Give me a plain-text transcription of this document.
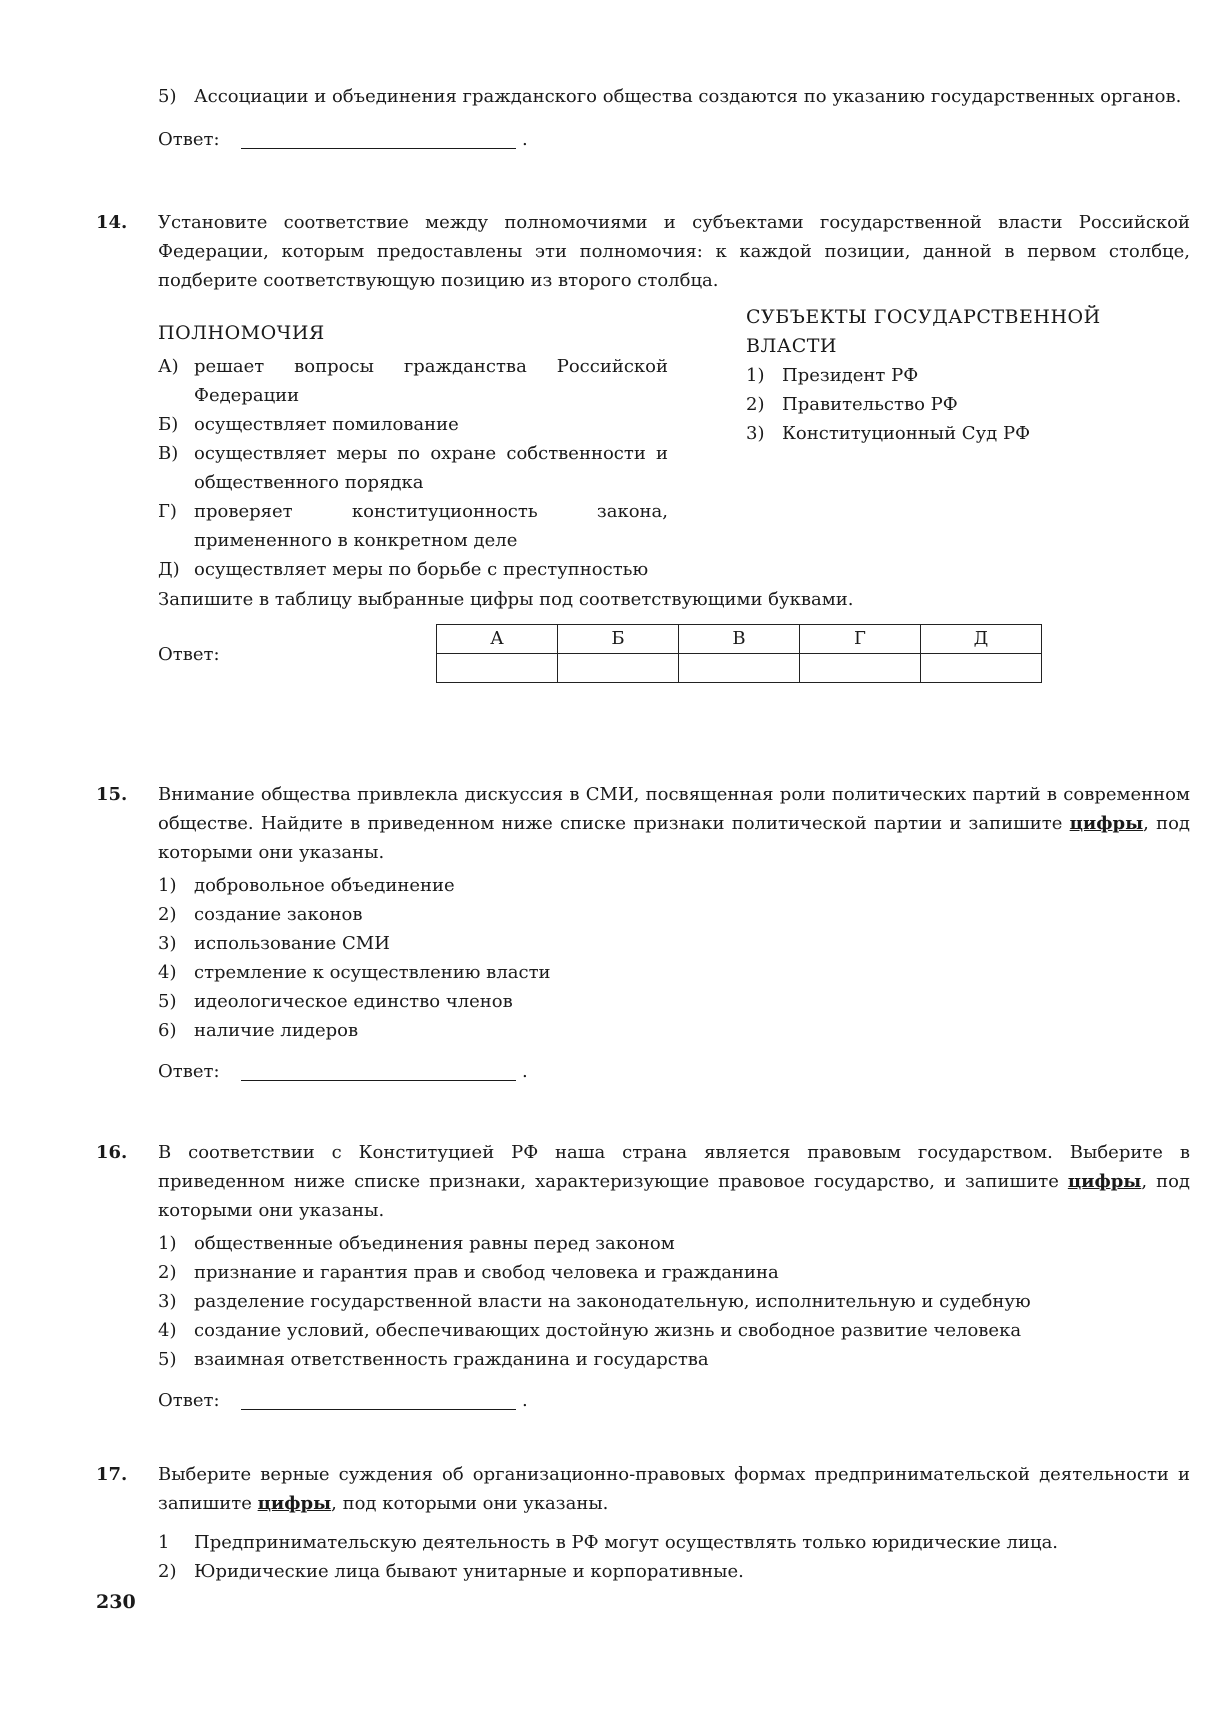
5) Ассоциации и объединения гражданского общества создаются по указанию государственных органов.

Ответ:	.
14. Установите соответствие между полномочиями и субъектами государственной власти Российской Федерации, которым предоставлены эти полномочия: к каждой позиции, данной в первом столбце, подберите соответствующую позицию из второго столбца.

ПОЛНОМОЧИЯ

А) решает вопросы гражданства Российской Федерации

Б) осуществляет помилование

В) осуществляет меры по охране собственности и общественного порядка

Г) проверяет конституционность закона, примененного в конкретном деле

Д) осуществляет меры по борьбе с преступностью

СУБЪЕКТЫ ГОСУДАРСТВЕННОЙ ВЛАСТИ

1) Президент РФ

2) Правительство РФ

3) Конституционный Суд РФ

Запишите в таблицу выбранные цифры под соответствующими буквами.

Ответ:
А	Б	В	Г	Д

15. Внимание общества привлекла дискуссия в СМИ, посвященная роли политических партий в современном обществе. Найдите в приведенном ниже списке признаки политической партии и запишите цифры, под которыми они указаны.

1) добровольное объединение

2) создание законов

3) использование СМИ

4) стремление к осуществлению власти

5) идеологическое единство членов

6) наличие лидеров

Ответ:	.
16. В соответствии с Конституцией РФ наша страна является правовым государством. Выберите в приведенном ниже списке признаки, характеризующие правовое государство, и запишите цифры, под которыми они указаны.

1) общественные объединения равны перед законом

2) признание и гарантия прав и свобод человека и гражданина

3) разделение государственной власти на законодательную, исполнительную и судебную

4) создание условий, обеспечивающих достойную жизнь и свободное развитие человека

5) взаимная ответственность гражданина и государства

Ответ:	.
17. Выберите верные суждения об организационно-правовых формах предпринимательской деятельности и запишите цифры, под которыми они указаны.

1 Предпринимательскую деятельность в РФ могут осуществлять только юридические лица.

2) Юридические лица бывают унитарные и корпоративные.

230
